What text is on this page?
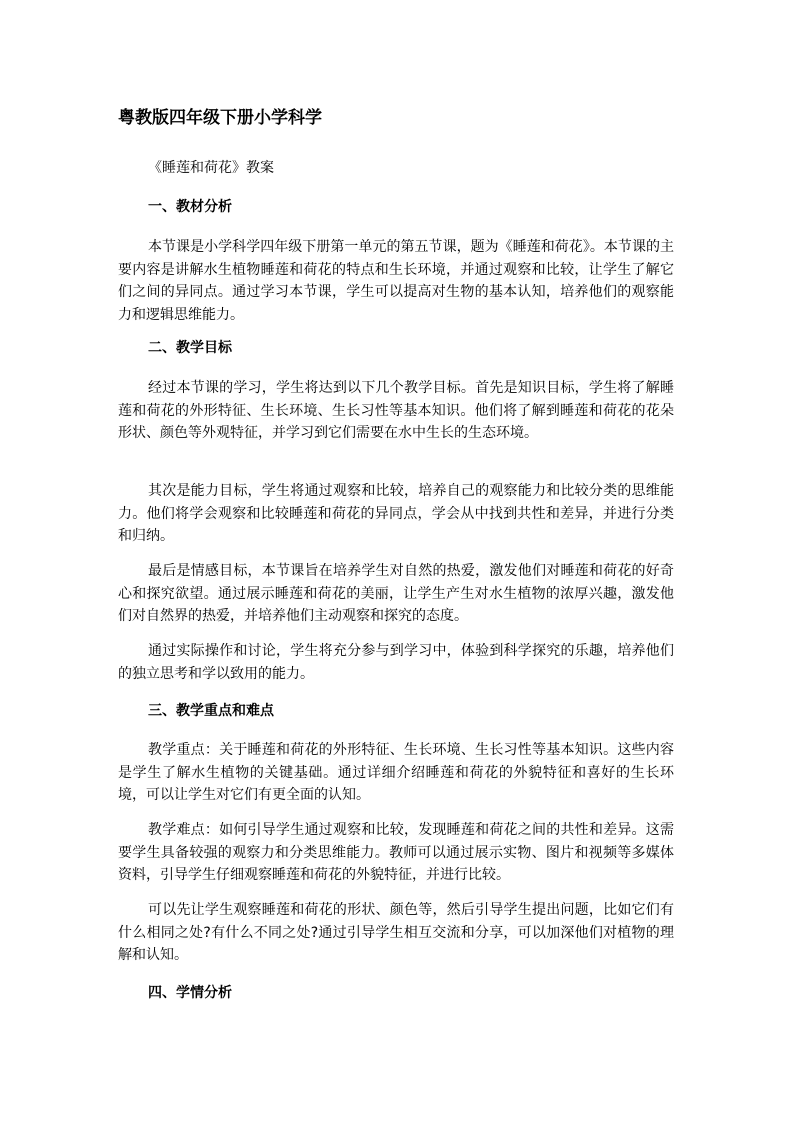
粤教版四年级下册小学科学
《睡莲和荷花》教案
一、教材分析

本节课是小学科学四年级下册第一单元的第五节课，题为《睡莲和荷花》。本节课的主要内容是讲解水生植物睡莲和荷花的特点和生长环境，并通过观察和比较，让学生了解它们之间的异同点。通过学习本节课，学生可以提高对生物的基本认知，培养他们的观察能力和逻辑思维能力。

二、教学目标

经过本节课的学习，学生将达到以下几个教学目标。首先是知识目标，学生将了解睡莲和荷花的外形特征、生长环境、生长习性等基本知识。他们将了解到睡莲和荷花的花朵形状、颜色等外观特征，并学习到它们需要在水中生长的生态环境。

其次是能力目标，学生将通过观察和比较，培养自己的观察能力和比较分类的思维能力。他们将学会观察和比较睡莲和荷花的异同点，学会从中找到共性和差异，并进行分类和归纳。

最后是情感目标，本节课旨在培养学生对自然的热爱，激发他们对睡莲和荷花的好奇心和探究欲望。通过展示睡莲和荷花的美丽，让学生产生对水生植物的浓厚兴趣，激发他们对自然界的热爱，并培养他们主动观察和探究的态度。

通过实际操作和讨论，学生将充分参与到学习中，体验到科学探究的乐趣，培养他们的独立思考和学以致用的能力。

三、教学重点和难点

教学重点：关于睡莲和荷花的外形特征、生长环境、生长习性等基本知识。这些内容是学生了解水生植物的关键基础。通过详细介绍睡莲和荷花的外貌特征和喜好的生长环境，可以让学生对它们有更全面的认知。

教学难点：如何引导学生通过观察和比较，发现睡莲和荷花之间的共性和差异。这需要学生具备较强的观察力和分类思维能力。教师可以通过展示实物、图片和视频等多媒体资料，引导学生仔细观察睡莲和荷花的外貌特征，并进行比较。

可以先让学生观察睡莲和荷花的形状、颜色等，然后引导学生提出问题，比如它们有什么相同之处?有什么不同之处?通过引导学生相互交流和分享，可以加深他们对植物的理解和认知。

四、学情分析
